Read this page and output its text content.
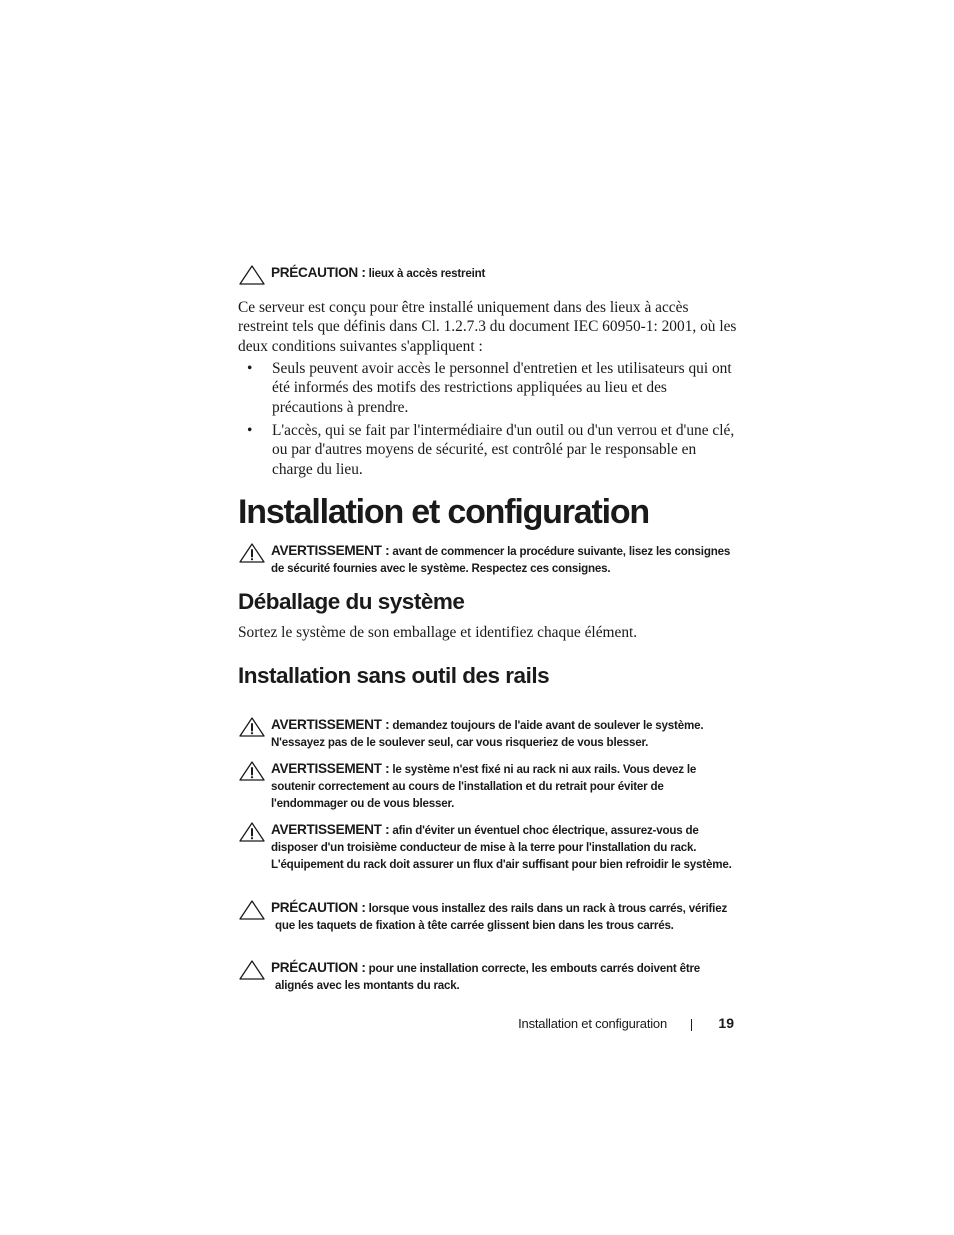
PRÉCAUTION : lieux à accès restreint
Ce serveur est conçu pour être installé uniquement dans des lieux à accès restreint tels que définis dans Cl. 1.2.7.3 du document IEC 60950-1: 2001, où les deux conditions suivantes s'appliquent :
• Seuls peuvent avoir accès le personnel d'entretien et les utilisateurs qui ont été informés des motifs des restrictions appliquées au lieu et des précautions à prendre.
• L'accès, qui se fait par l'intermédiaire d'un outil ou d'un verrou et d'une clé, ou par d'autres moyens de sécurité, est contrôlé par le responsable en charge du lieu.
Installation et configuration
AVERTISSEMENT : avant de commencer la procédure suivante, lisez les consignes de sécurité fournies avec le système. Respectez ces consignes.
Déballage du système
Sortez le système de son emballage et identifiez chaque élément.
Installation sans outil des rails
AVERTISSEMENT : demandez toujours de l'aide avant de soulever le système. N'essayez pas de le soulever seul, car vous risqueriez de vous blesser.
AVERTISSEMENT : le système n'est fixé ni au rack ni aux rails. Vous devez le soutenir correctement au cours de l'installation et du retrait pour éviter de l'endommager ou de vous blesser.
AVERTISSEMENT : afin d'éviter un éventuel choc électrique, assurez-vous de disposer d'un troisième conducteur de mise à la terre pour l'installation du rack. L'équipement du rack doit assurer un flux d'air suffisant pour bien refroidir le système.
PRÉCAUTION : lorsque vous installez des rails dans un rack à trous carrés, vérifiez que les taquets de fixation à tête carrée glissent bien dans les trous carrés.
PRÉCAUTION : pour une installation correcte, les embouts carrés doivent être alignés avec les montants du rack.
Installation et configuration	19
